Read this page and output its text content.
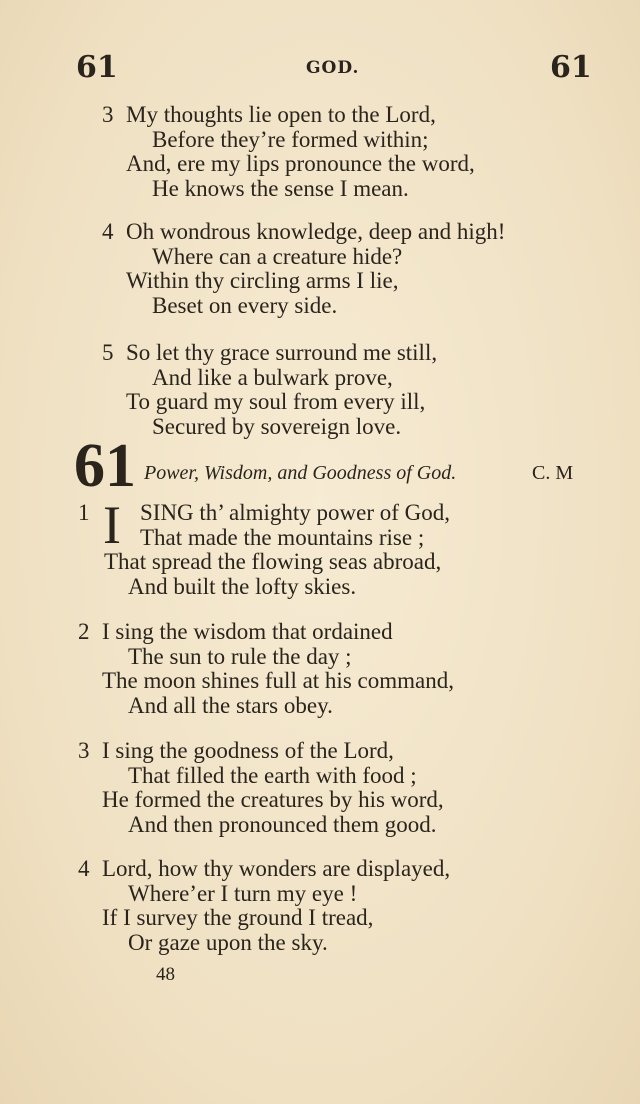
61	GOD.	61
3 My thoughts lie open to the Lord,
Before they’re formed within;
And, ere my lips pronounce the word,
He knows the sense I mean.
4 Oh wondrous knowledge, deep and high!
Where can a creature hide?
Within thy circling arms I lie,
Beset on every side.
5 So let thy grace surround me still,
And like a bulwark prove,
To guard my soul from every ill,
Secured by sovereign love.
61 Power, Wisdom, and Goodness of God.	C. M
I
1 SING th’ almighty power of God,
That made the mountains rise ;
That spread the flowing seas abroad,
And built the lofty skies.
2 I sing the wisdom that ordained
The sun to rule the day ;
The moon shines full at his command,
And all the stars obey.
3 I sing the goodness of the Lord,
That filled the earth with food ;
He formed the creatures by his word,
And then pronounced them good.
4 Lord, how thy wonders are displayed,
Where’er I turn my eye !
If I survey the ground I tread,
Or gaze upon the sky.
48
